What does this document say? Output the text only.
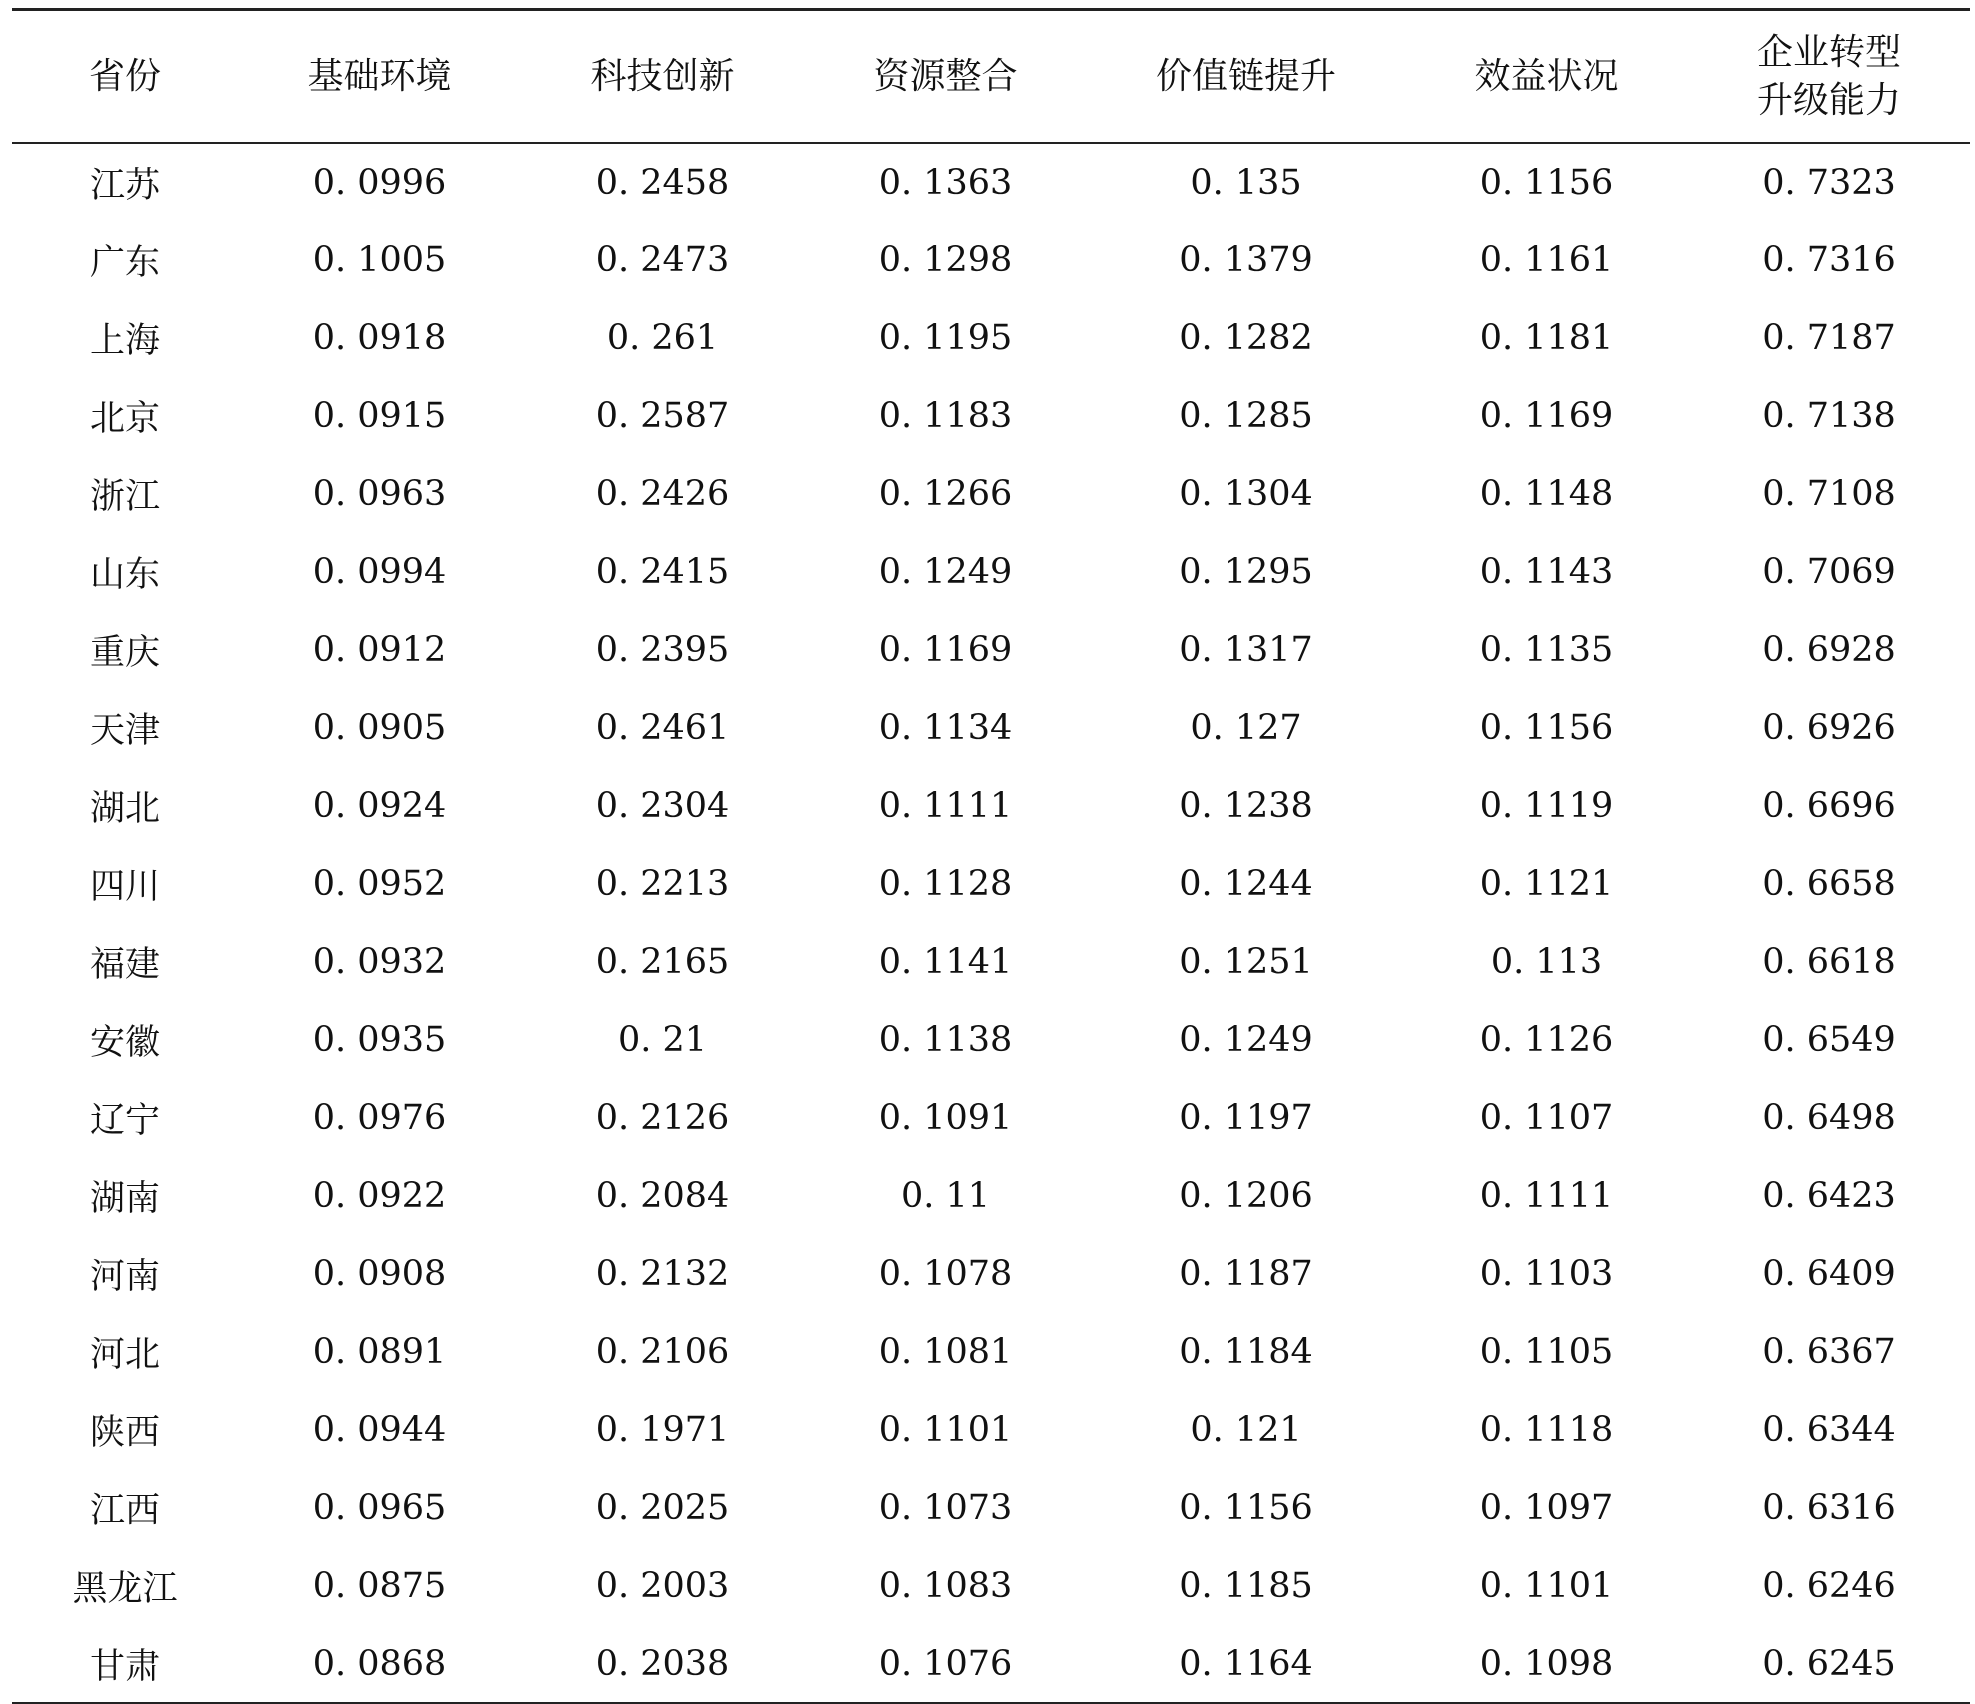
省份	基础环境	科技创新	资源整合	价值链提升	效益状况	企业转型
升级能力

江苏	0. 0996	0. 2458	0. 1363	0. 135	0. 1156	0. 7323
广东	0. 1005	0. 2473	0. 1298	0. 1379	0. 1161	0. 7316
上海	0. 0918	0. 261	0. 1195	0. 1282	0. 1181	0. 7187
北京	0. 0915	0. 2587	0. 1183	0. 1285	0. 1169	0. 7138
浙江	0. 0963	0. 2426	0. 1266	0. 1304	0. 1148	0. 7108
山东	0. 0994	0. 2415	0. 1249	0. 1295	0. 1143	0. 7069
重庆	0. 0912	0. 2395	0. 1169	0. 1317	0. 1135	0. 6928
天津	0. 0905	0. 2461	0. 1134	0. 127	0. 1156	0. 6926
湖北	0. 0924	0. 2304	0. 1111	0. 1238	0. 1119	0. 6696
四川	0. 0952	0. 2213	0. 1128	0. 1244	0. 1121	0. 6658
福建	0. 0932	0. 2165	0. 1141	0. 1251	0. 113	0. 6618
安徽	0. 0935	0. 21	0. 1138	0. 1249	0. 1126	0. 6549
辽宁	0. 0976	0. 2126	0. 1091	0. 1197	0. 1107	0. 6498
湖南	0. 0922	0. 2084	0. 11	0. 1206	0. 1111	0. 6423
河南	0. 0908	0. 2132	0. 1078	0. 1187	0. 1103	0. 6409
河北	0. 0891	0. 2106	0. 1081	0. 1184	0. 1105	0. 6367
陕西	0. 0944	0. 1971	0. 1101	0. 121	0. 1118	0. 6344
江西	0. 0965	0. 2025	0. 1073	0. 1156	0. 1097	0. 6316
黑龙江	0. 0875	0. 2003	0. 1083	0. 1185	0. 1101	0. 6246
甘肃	0. 0868	0. 2038	0. 1076	0. 1164	0. 1098	0. 6245
